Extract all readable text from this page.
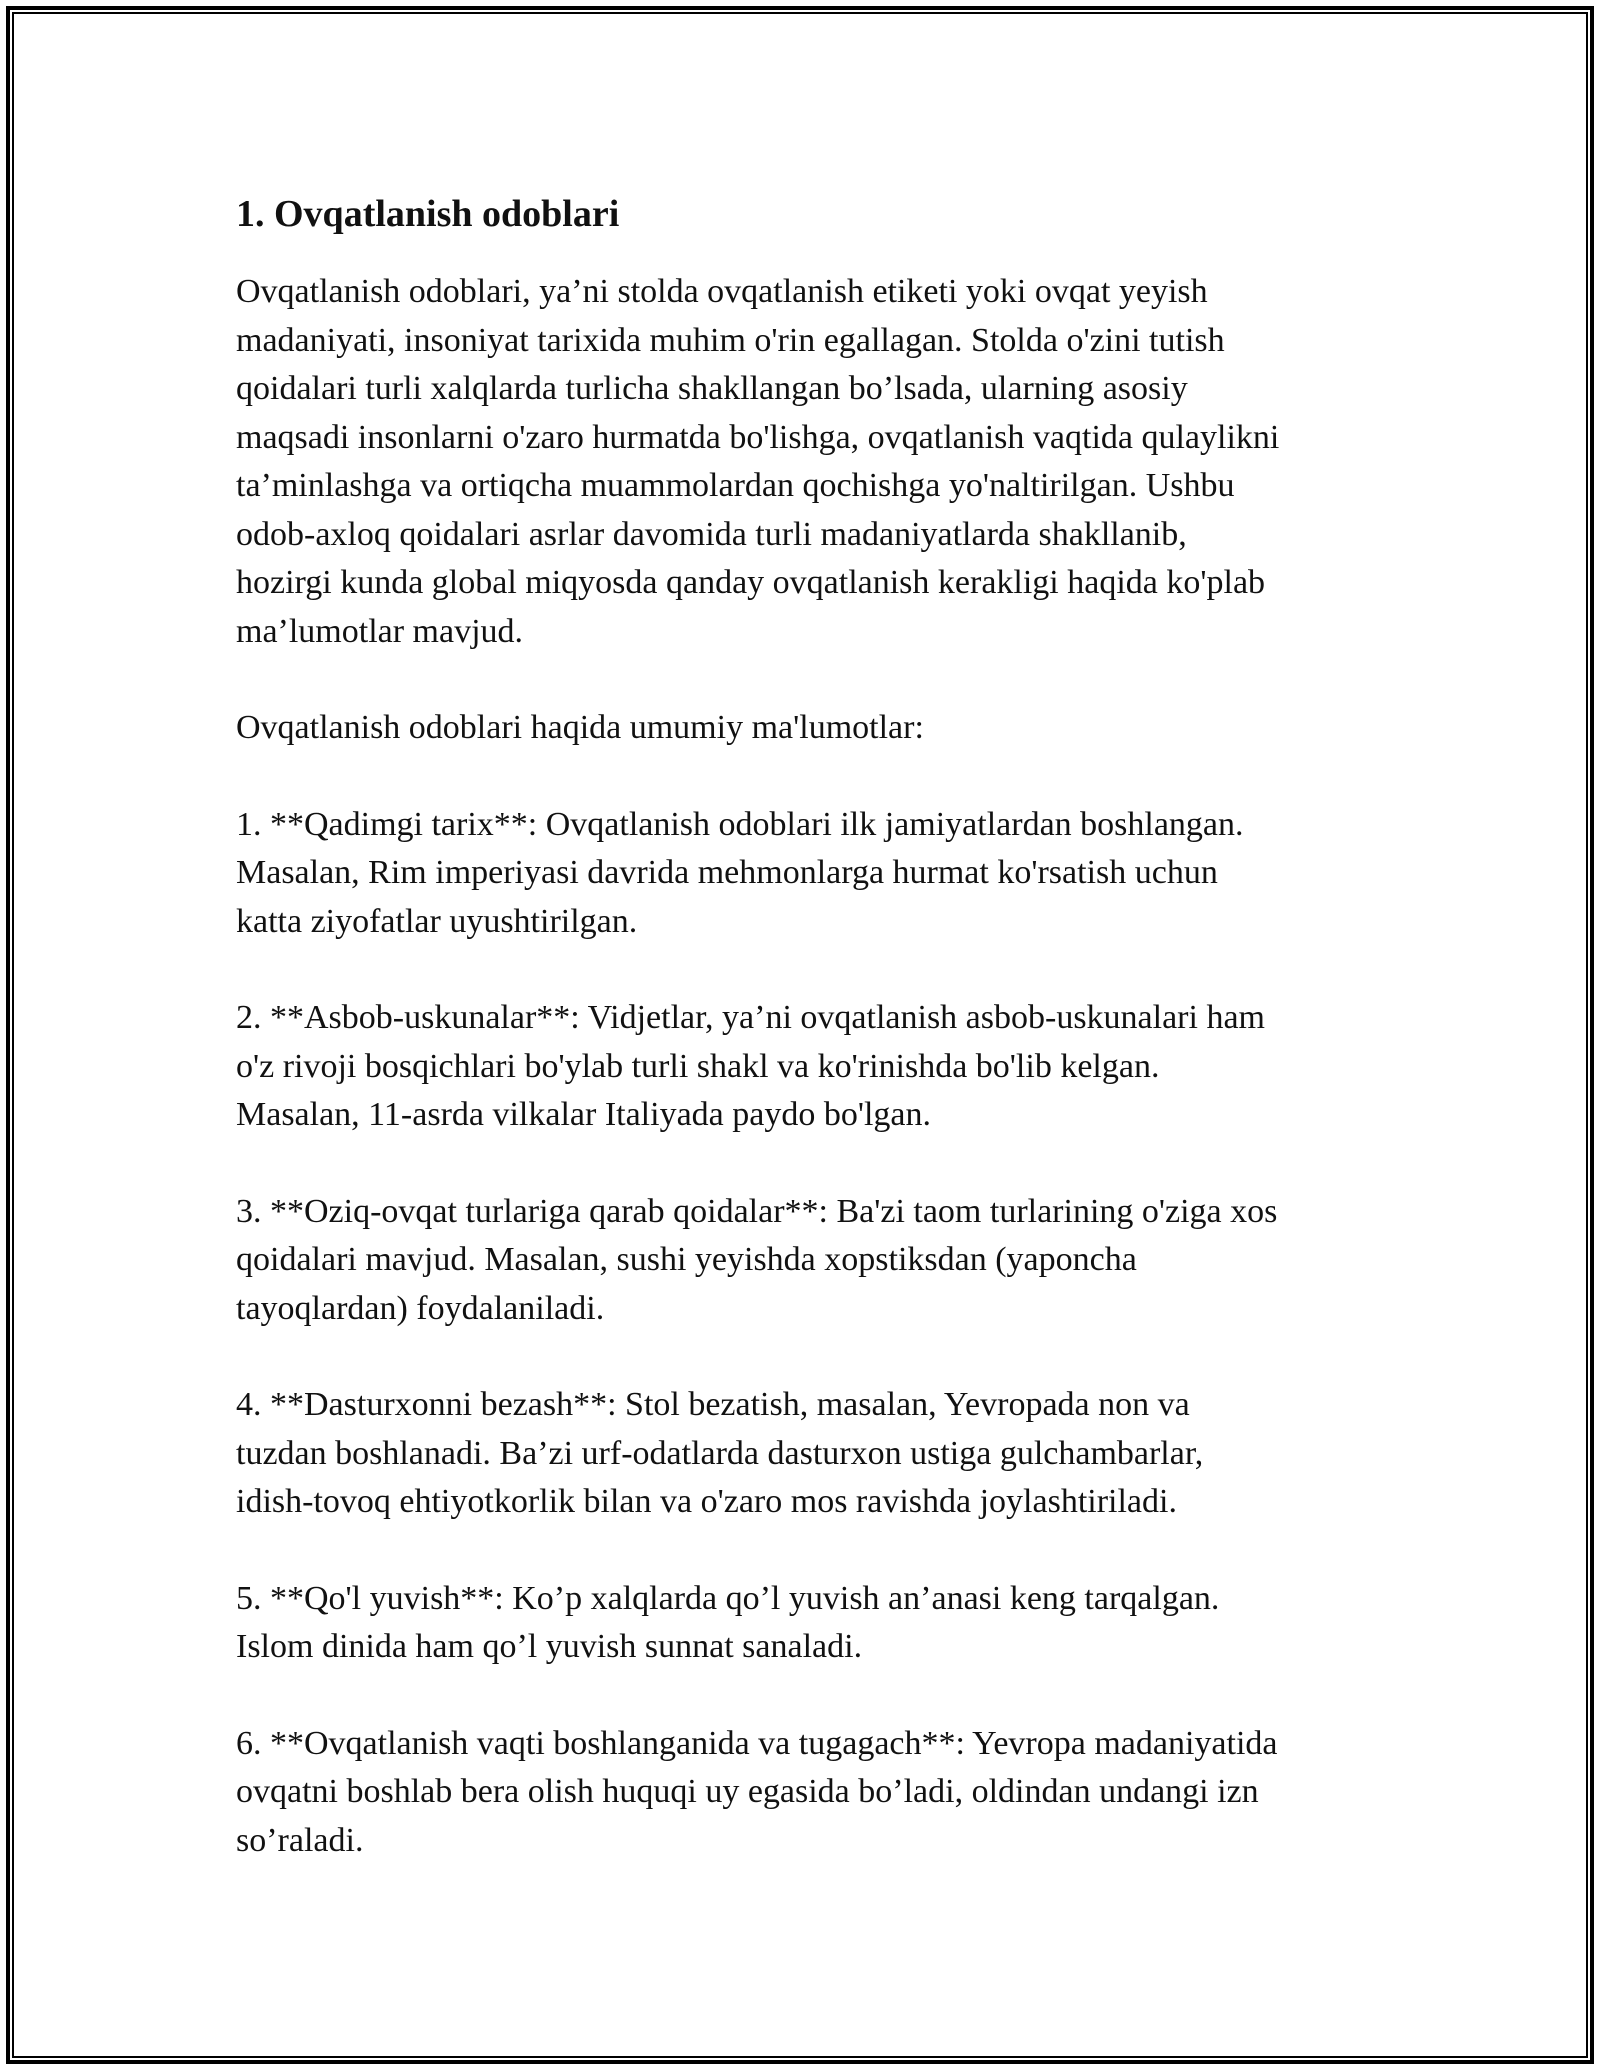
1. Ovqatlanish odoblari

Ovqatlanish odoblari, ya’ni stolda ovqatlanish etiketi yoki ovqat yeyish
madaniyati, insoniyat tarixida muhim o'rin egallagan. Stolda o'zini tutish
qoidalari turli xalqlarda turlicha shakllangan bo’lsada, ularning asosiy
maqsadi insonlarni o'zaro hurmatda bo'lishga, ovqatlanish vaqtida qulaylikni
ta’minlashga va ortiqcha muammolardan qochishga yo'naltirilgan. Ushbu
odob-axloq qoidalari asrlar davomida turli madaniyatlarda shakllanib,
hozirgi kunda global miqyosda qanday ovqatlanish kerakligi haqida ko'plab
ma’lumotlar mavjud.

Ovqatlanish odoblari haqida umumiy ma'lumotlar:

1. **Qadimgi tarix**: Ovqatlanish odoblari ilk jamiyatlardan boshlangan.
Masalan, Rim imperiyasi davrida mehmonlarga hurmat ko'rsatish uchun
katta ziyofatlar uyushtirilgan.

2. **Asbob-uskunalar**: Vidjetlar, ya’ni ovqatlanish asbob-uskunalari ham
o'z rivoji bosqichlari bo'ylab turli shakl va ko'rinishda bo'lib kelgan.
Masalan, 11-asrda vilkalar Italiyada paydo bo'lgan.

3. **Oziq-ovqat turlariga qarab qoidalar**: Ba'zi taom turlarining o'ziga xos
qoidalari mavjud. Masalan, sushi yeyishda xopstiksdan (yaponcha
tayoqlardan) foydalaniladi.

4. **Dasturxonni bezash**: Stol bezatish, masalan, Yevropada non va
tuzdan boshlanadi. Ba’zi urf-odatlarda dasturxon ustiga gulchambarlar,
idish-tovoq ehtiyotkorlik bilan va o'zaro mos ravishda joylashtiriladi.

5. **Qo'l yuvish**: Ko’p xalqlarda qo’l yuvish an’anasi keng tarqalgan.
Islom dinida ham qo’l yuvish sunnat sanaladi.

6. **Ovqatlanish vaqti boshlanganida va tugagach**: Yevropa madaniyatida
ovqatni boshlab bera olish huquqi uy egasida bo’ladi, oldindan undangi izn
so’raladi.
